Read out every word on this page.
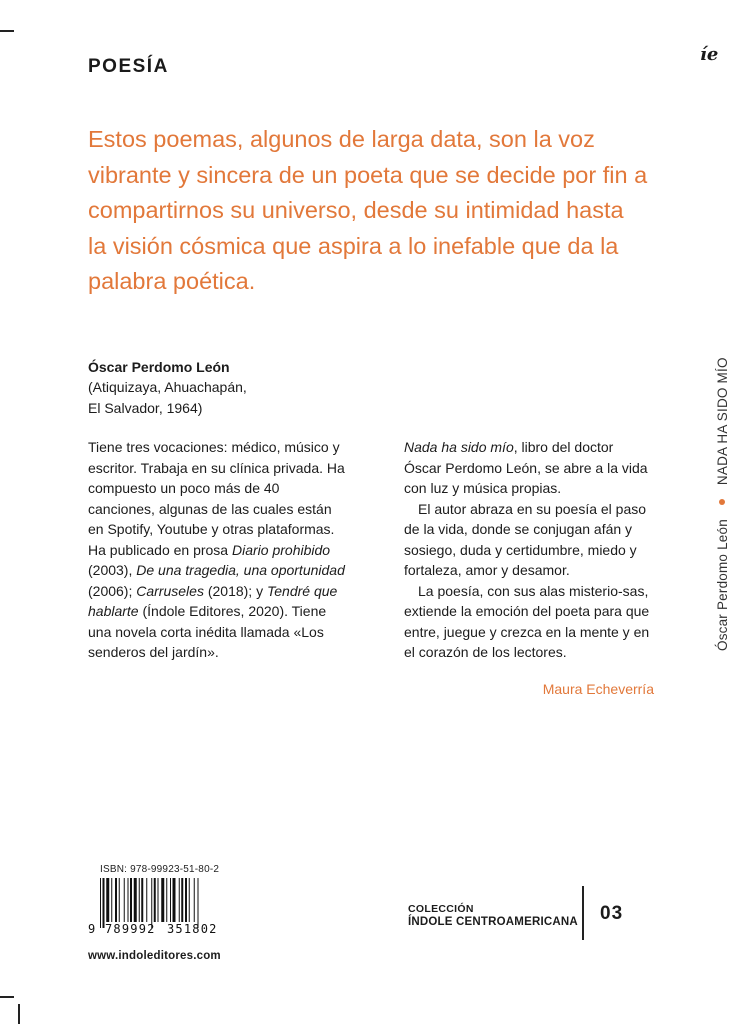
POESÍA
íe

Estos poemas, algunos de larga data, son la voz vibrante y sincera de un poeta que se decide por fin a compartirnos su universo, desde su intimidad hasta la visión cósmica que aspira a lo inefable que da la palabra poética.

Óscar Perdomo León
(Atiquizaya, Ahuachapán,
El Salvador, 1964)

Tiene tres vocaciones: médico, músico y escritor. Trabaja en su clínica privada. Ha compuesto un poco más de 40 canciones, algunas de las cuales están en Spotify, Youtube y otras plataformas. Ha publicado en prosa Diario prohibido (2003), De una tragedia, una oportunidad (2006); Carruseles (2018); y Tendré que hablarte (Índole Editores, 2020). Tiene una novela corta inédita llamada «Los senderos del jardín».

Nada ha sido mío, libro del doctor Óscar Perdomo León, se abre a la vida con luz y música propias.

El autor abraza en su poesía el paso de la vida, donde se conjugan afán y sosiego, duda y certidumbre, miedo y fortaleza, amor y desamor.

La poesía, con sus alas misterio-sas, extiende la emoción del poeta para que entre, juegue y crezca en la mente y en el corazón de los lectores.

Maura Echeverría
Óscar Perdomo León
NADA HA SIDO MÍO
ISBN: 978-99923-51-80-2
9 789992 351802
www.indoleditores.com
COLECCIÓN
ÍNDOLE CENTROAMERICANA 03
